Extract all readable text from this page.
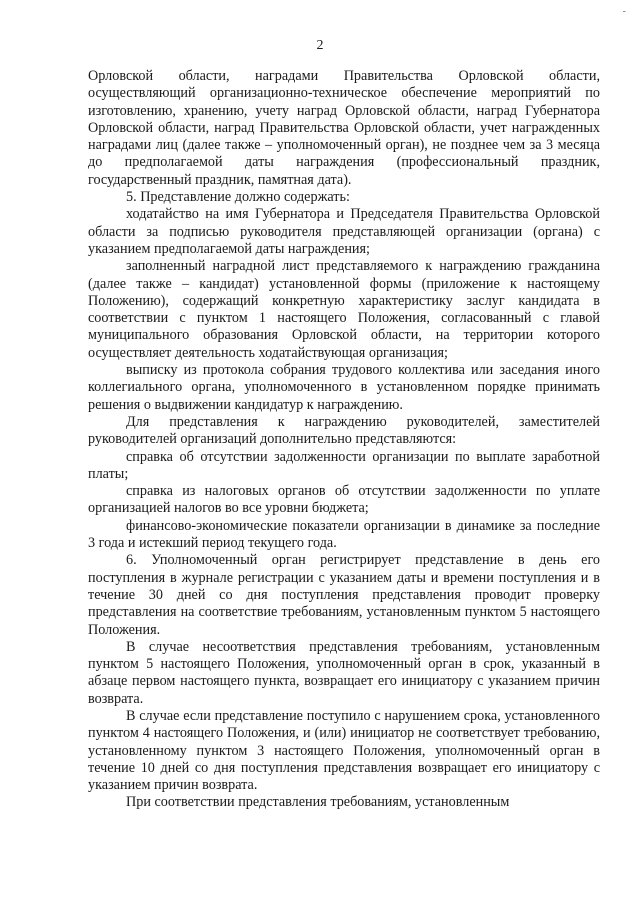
-
2

Орловской области, наградами Правительства Орловской области, осуществляющий организационно-техническое обеспечение мероприятий по изготовлению, хранению, учету наград Орловской области, наград Губернатора Орловской области, наград Правительства Орловской области, учет награжденных наградами лиц (далее также – уполномоченный орган), не позднее чем за 3 месяца до предполагаемой даты награждения (профессиональный праздник, государственный праздник, памятная дата).

5. Представление должно содержать:

ходатайство на имя Губернатора и Председателя Правительства Орловской области за подписью руководителя представляющей организации (органа) с указанием предполагаемой даты награждения;

заполненный наградной лист представляемого к награждению гражданина (далее также – кандидат) установленной формы (приложение к настоящему Положению), содержащий конкретную характеристику заслуг кандидата в соответствии с пунктом 1 настоящего Положения, согласованный с главой муниципального образования Орловской области, на территории которого осуществляет деятельность ходатайствующая организация;

выписку из протокола собрания трудового коллектива или заседания иного коллегиального органа, уполномоченного в установленном порядке принимать решения о выдвижении кандидатур к награждению.

Для представления к награждению руководителей, заместителей руководителей организаций дополнительно представляются:

справка об отсутствии задолженности организации по выплате заработной платы;

справка из налоговых органов об отсутствии задолженности по уплате организацией налогов во все уровни бюджета;

финансово-экономические показатели организации в динамике за последние 3 года и истекший период текущего года.

6. Уполномоченный орган регистрирует представление в день его поступления в журнале регистрации с указанием даты и времени поступления и в течение 30 дней со дня поступления представления проводит проверку представления на соответствие требованиям, установленным пунктом 5 настоящего Положения.

В случае несоответствия представления требованиям, установленным пунктом 5 настоящего Положения, уполномоченный орган в срок, указанный в абзаце первом настоящего пункта, возвращает его инициатору с указанием причин возврата.

В случае если представление поступило с нарушением срока, установленного пунктом 4 настоящего Положения, и (или) инициатор не соответствует требованию, установленному пунктом 3 настоящего Положения, уполномоченный орган в течение 10 дней со дня поступления представления возвращает его инициатору с указанием причин возврата.

При соответствии представления требованиям, установленным
